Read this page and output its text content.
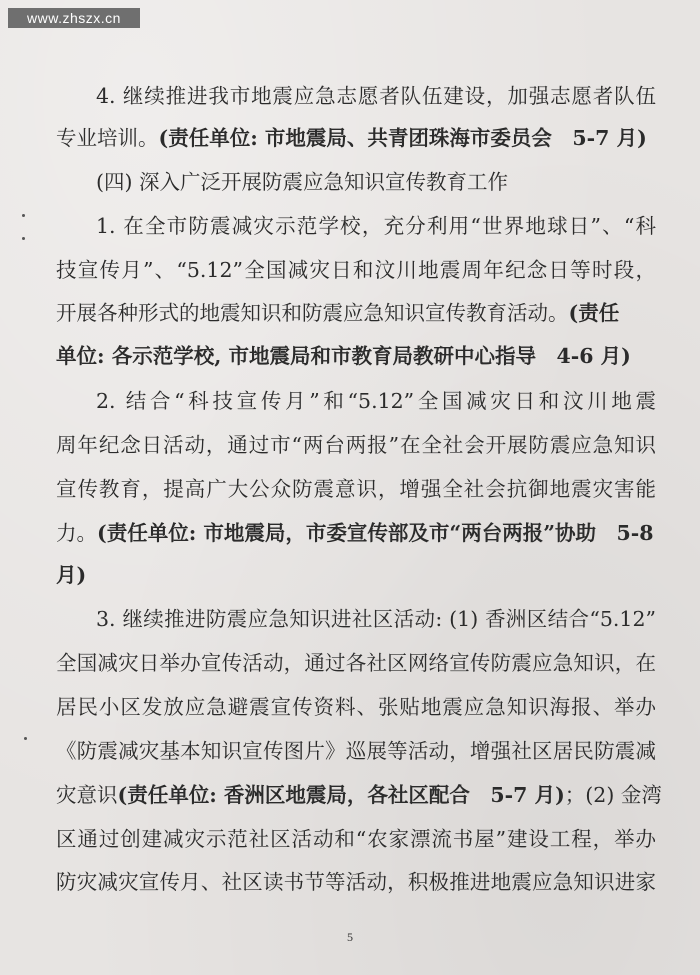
www.zhszx.cn
4. 继续推进我市地震应急志愿者队伍建设，加强志愿者队伍
专业培训。(责任单位: 市地震局、共青团珠海市委员会　5-7 月)
(四) 深入广泛开展防震应急知识宣传教育工作
1. 在全市防震减灾示范学校，充分利用“世界地球日”、“科
技宣传月”、“5.12”全国减灾日和汶川地震周年纪念日等时段，
开展各种形式的地震知识和防震应急知识宣传教育活动。(责任
单位: 各示范学校, 市地震局和市教育局教研中心指导　4-6 月)
2. 结合“科技宣传月”和“5.12”全国减灾日和汶川地震
周年纪念日活动，通过市“两台两报”在全社会开展防震应急知识
宣传教育，提高广大公众防震意识，增强全社会抗御地震灾害能
力。(责任单位: 市地震局，市委宣传部及市“两台两报”协助　5-8
月)
3. 继续推进防震应急知识进社区活动: (1) 香洲区结合“5.12”
全国减灾日举办宣传活动，通过各社区网络宣传防震应急知识，在
居民小区发放应急避震宣传资料、张贴地震应急知识海报、举办
《防震减灾基本知识宣传图片》巡展等活动，增强社区居民防震减
灾意识(责任单位: 香洲区地震局，各社区配合　5-7 月)；(2) 金湾
区通过创建减灾示范社区活动和“农家漂流书屋”建设工程，举办
防灾减灾宣传月、社区读书节等活动，积极推进地震应急知识进家
5
